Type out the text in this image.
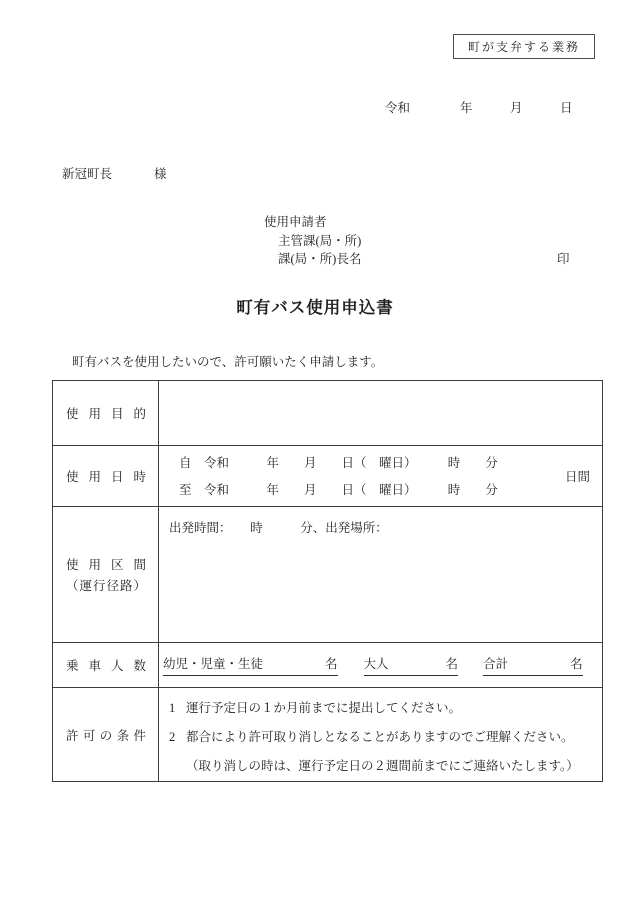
町が支弁する業務
令和　　　　年　　　月　　　日
新冠町長	様
使用申請者
主管課(局・所)
課(局・所)長名	印
町有バス使用申込書
町有バスを使用したいので、許可願いたく申請します。
使 用 目 的
使 用 日 時
自　令和　　　年　　月　　日（　曜日）　　　時　　分
至　令和　　　年　　月　　日（　曜日）　　　時　　分
日間
使 用 区 間
（運行径路）
出発時間：　　時　　　分、出発場所：
乗 車 人 数 幼児・児童・生徒	名 大人	名 合計	名
許 可 の 条 件
1 運行予定日の１か月前までに提出してください。
2 都合により許可取り消しとなることがありますのでご理解ください。
（取り消しの時は、運行予定日の２週間前までにご連絡いたします。）
